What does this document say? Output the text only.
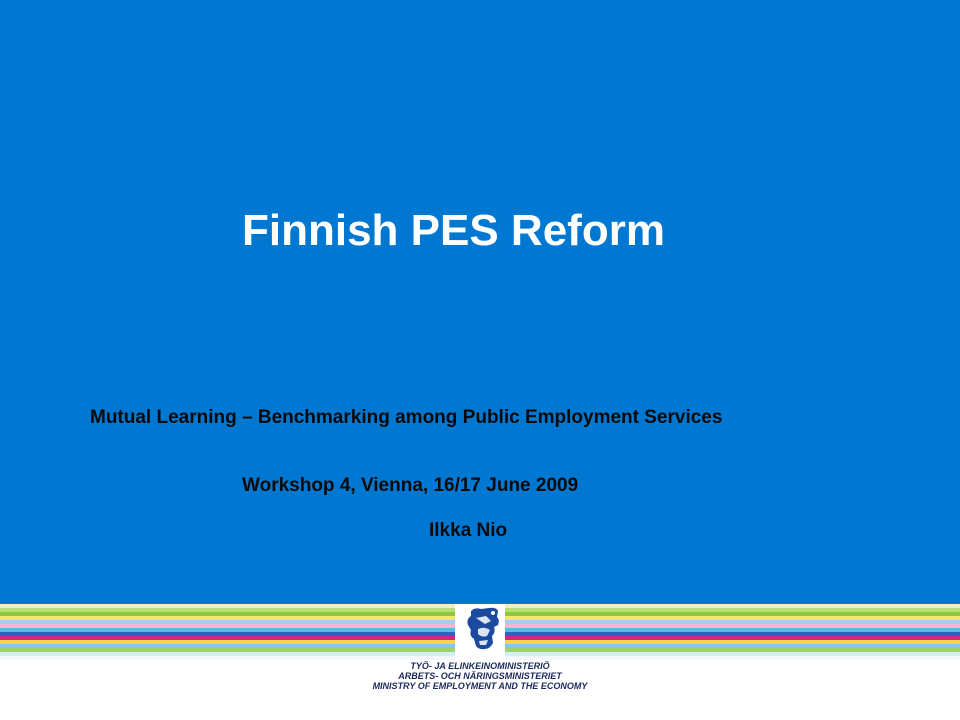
Finnish PES Reform
Mutual Learning – Benchmarking among Public Employment Services
Workshop 4, Vienna, 16/17 June 2009
Ilkka Nio
TYÖ- JA ELINKEINOMINISTERIÖ
ARBETS- OCH NÄRINGSMINISTERIET
MINISTRY OF EMPLOYMENT AND THE ECONOMY
